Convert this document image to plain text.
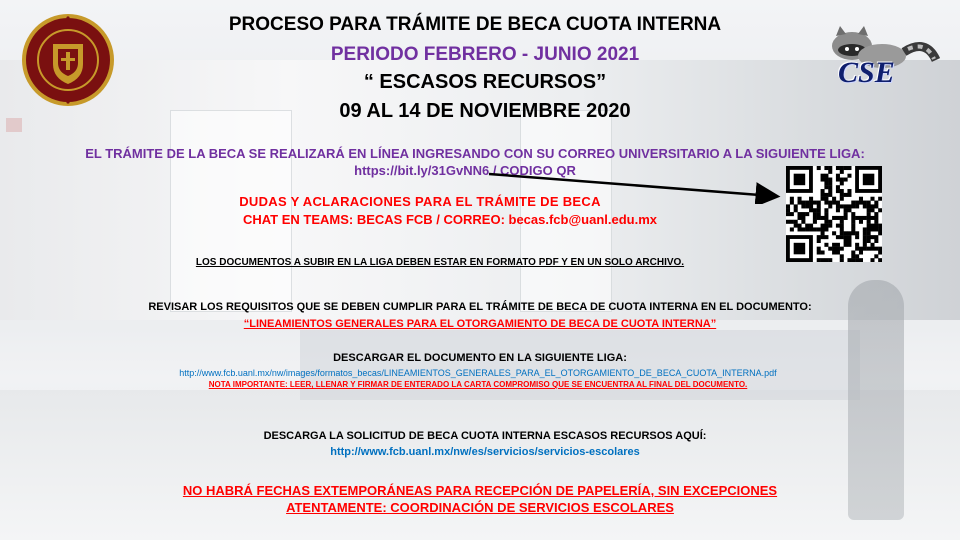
CSE

PROCESO PARA TRÁMITE DE BECA CUOTA INTERNA

PERIODO FEBRERO - JUNIO 2021

“ ESCASOS RECURSOS”

09 AL 14 DE NOVIEMBRE 2020

EL TRÁMITE DE LA BECA SE REALIZARÁ EN LÍNEA INGRESANDO CON SU CORREO UNIVERSITARIO A LA SIGUIENTE LIGA:

https://bit.ly/31GvNN6 / CODIGO QR

DUDAS Y ACLARACIONES PARA EL TRÁMITE DE BECA

CHAT EN TEAMS: BECAS FCB / CORREO: becas.fcb@uanl.edu.mx

LOS DOCUMENTOS A SUBIR EN LA LIGA DEBEN ESTAR EN FORMATO PDF Y EN UN SOLO ARCHIVO.

REVISAR LOS REQUISITOS QUE SE DEBEN CUMPLIR PARA EL TRÁMITE DE BECA DE CUOTA INTERNA EN EL DOCUMENTO:

“LINEAMIENTOS GENERALES PARA EL OTORGAMIENTO DE BECA DE CUOTA INTERNA”

DESCARGAR EL DOCUMENTO EN LA SIGUIENTE LIGA:

http://www.fcb.uanl.mx/nw/images/formatos_becas/LINEAMIENTOS_GENERALES_PARA_EL_OTORGAMIENTO_DE_BECA_CUOTA_INTERNA.pdf

NOTA IMPORTANTE: LEER, LLENAR Y FIRMAR DE ENTERADO LA CARTA COMPROMISO QUE SE ENCUENTRA AL FINAL DEL DOCUMENTO.

DESCARGA LA SOLICITUD DE BECA CUOTA INTERNA ESCASOS RECURSOS AQUÍ:

http://www.fcb.uanl.mx/nw/es/servicios/servicios-escolares

NO HABRÁ FECHAS EXTEMPORÁNEAS PARA RECEPCIÓN DE PAPELERÍA, SIN EXCEPCIONES

ATENTAMENTE: COORDINACIÓN DE SERVICIOS ESCOLARES
